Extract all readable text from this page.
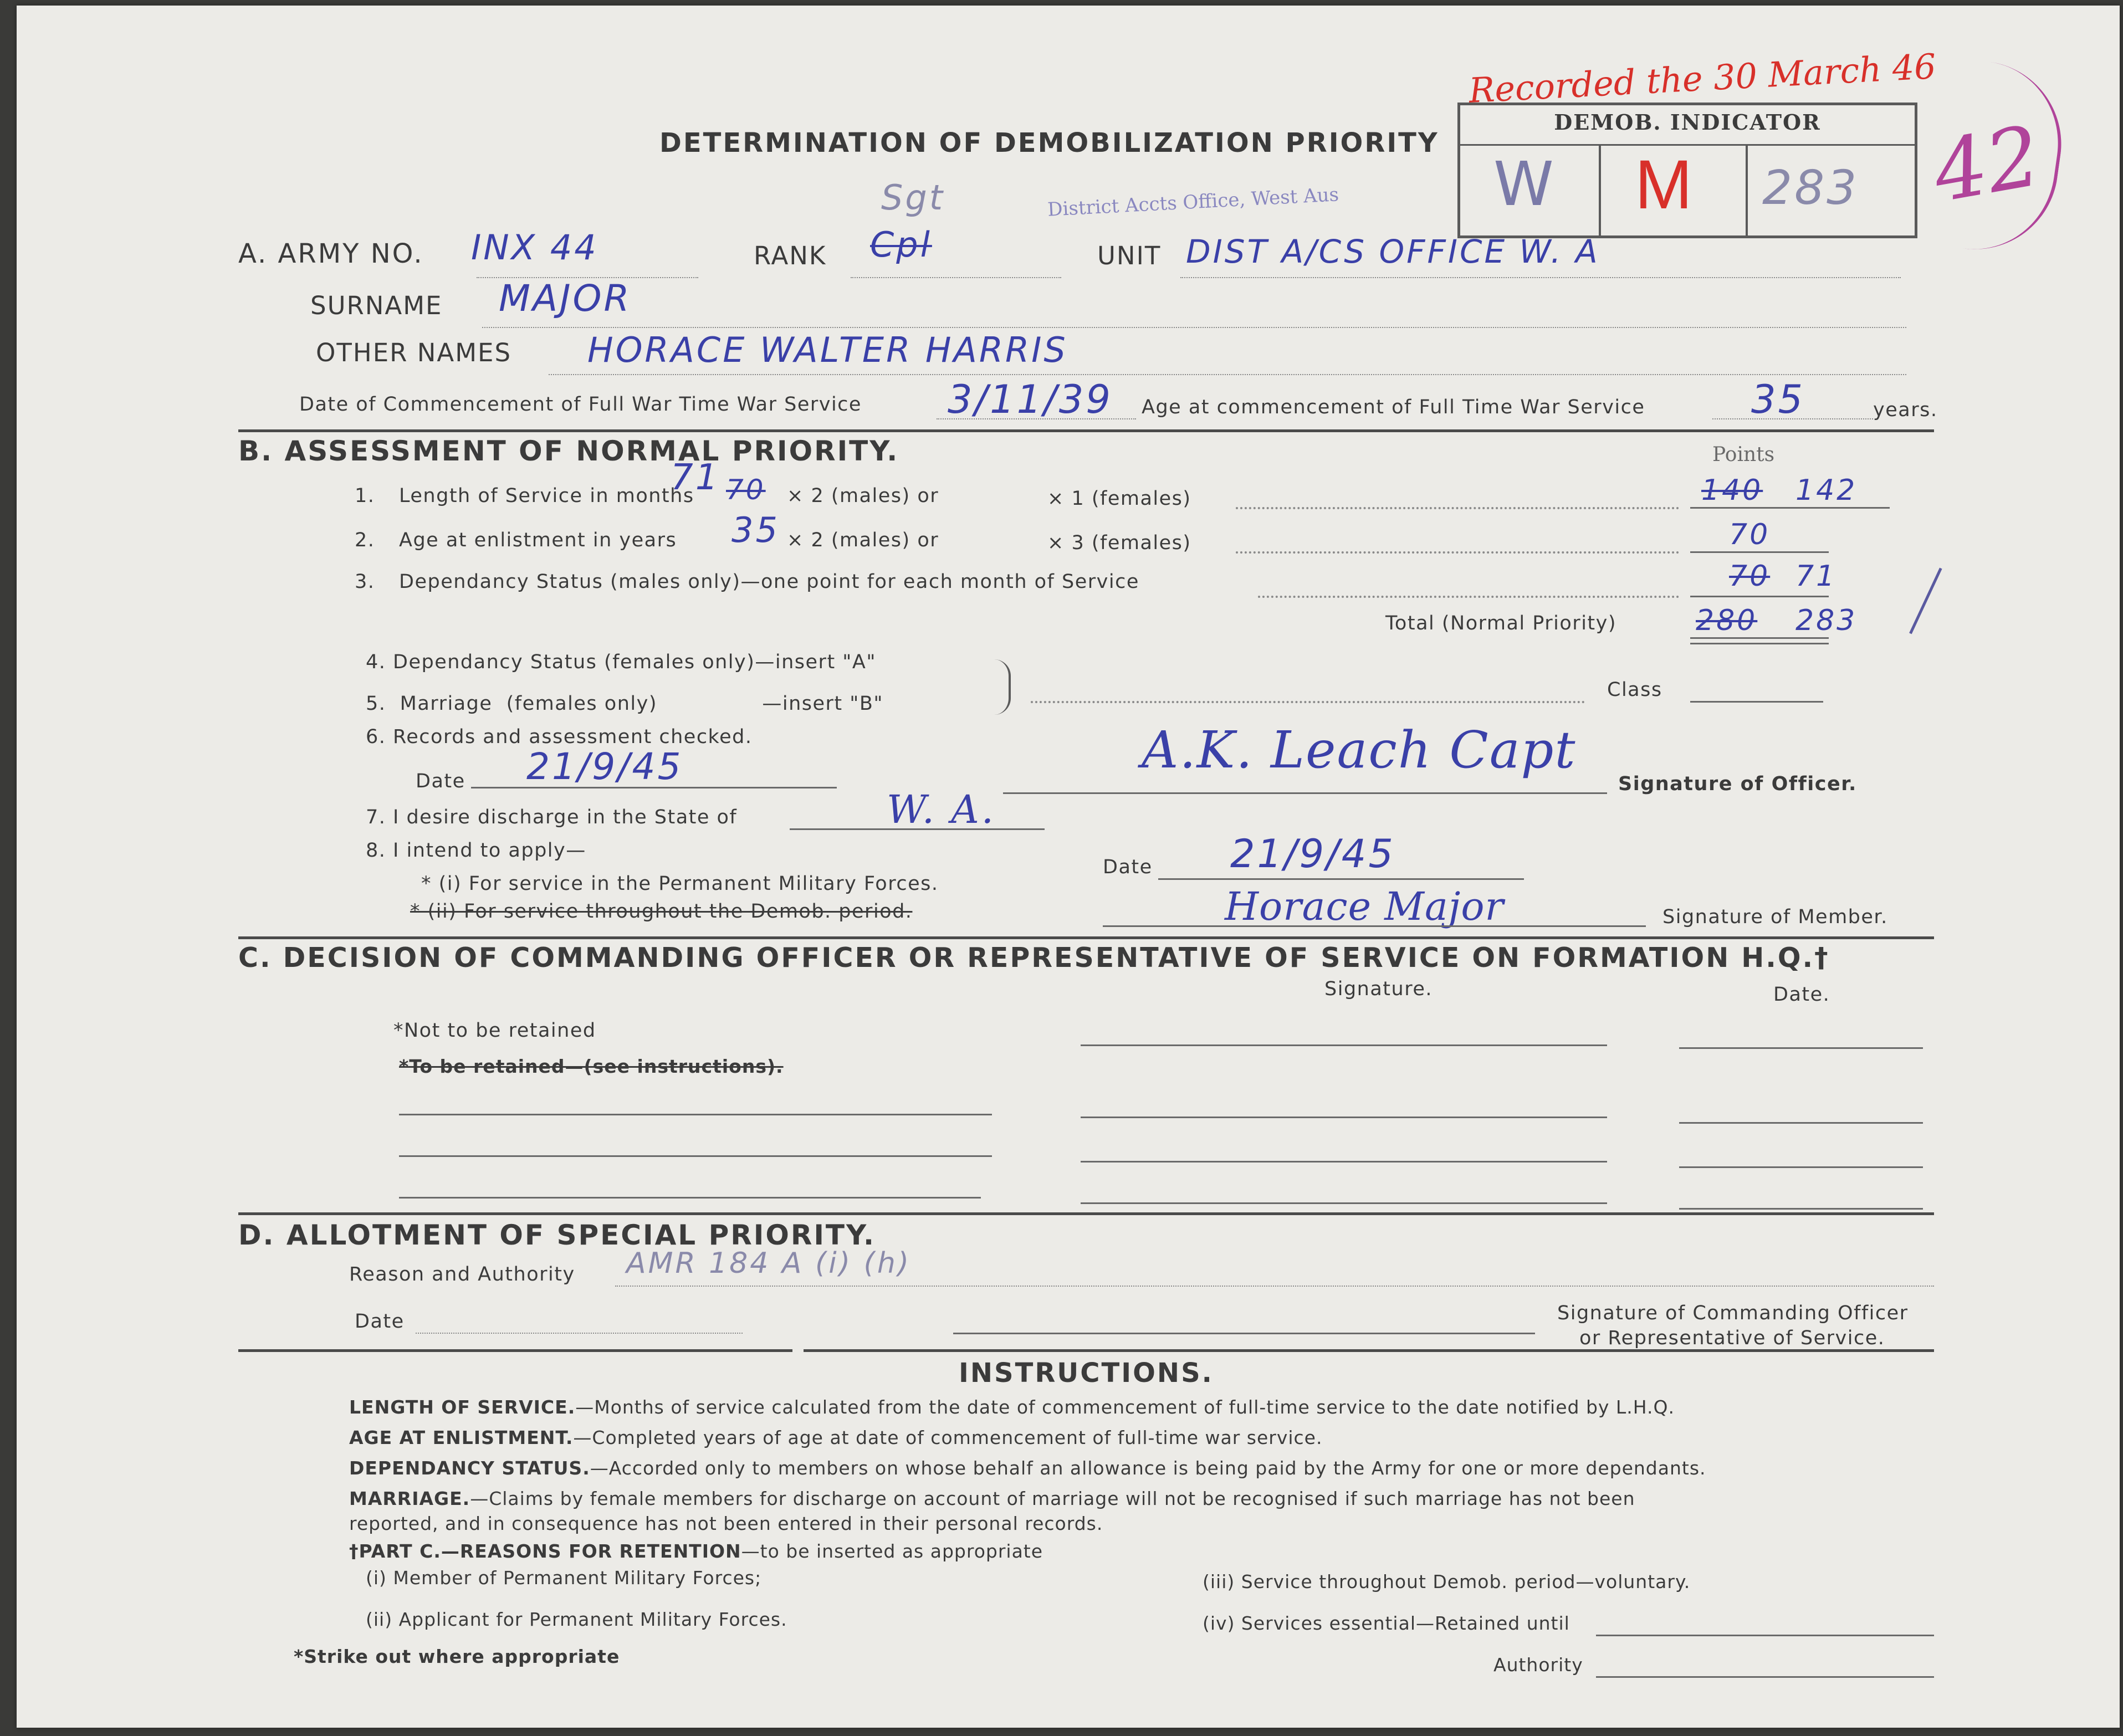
DETERMINATION OF DEMOBILIZATION PRIORITY
Recorded the 30 March 46
District Accts Office, West Aus	42
DEMOB. INDICATOR
W M 283
A. ARMY NO. INX 44	RANK Cpl
Sgt
UNIT DIST A/CS OFFICE W. A
SURNAME MAJOR
OTHER NAMES HORACE WALTER HARRIS
Date of Commencement of Full War Time War Service 3/11/39 Age at commencement of Full Time War Service	35	years.
B. ASSESSMENT OF NORMAL PRIORITY.	Points
1. Length of Service in months
71 70 × 2 (males) or	× 1 (females)	140 142
2. Age at enlistment in years 35 × 2 (males) or	× 3 (females)	70
3. Dependancy Status (males only)—one point for each month of Service	70 71
Total (Normal Priority)	280 283
4. Dependancy Status (females only)—insert "A"
5.  Marriage  (females only)               —insert "B"
Class
6. Records and assessment checked.
Date 21/9/45	A.K. Leach Capt
Signature of Officer.
7. I desire discharge in the State of	W. A.
8. I intend to apply—
* (i) For service in the Permanent Military Forces.
* (ii) For service throughout the Demob. period.
Date 21/9/45
Horace Major	Signature of Member.
C. DECISION OF COMMANDING OFFICER OR REPRESENTATIVE OF SERVICE ON FORMATION H.Q.†
Signature.	Date.
*Not to be retained
*To be retained—(see instructions).
D. ALLOTMENT OF SPECIAL PRIORITY.
Reason and Authority AMR 184 A (i) (h)
Date	Signature of Commanding Officer
or Representative of Service.
INSTRUCTIONS.
LENGTH OF SERVICE.—Months of service calculated from the date of commencement of full-time service to the date notified by L.H.Q.
AGE AT ENLISTMENT.—Completed years of age at date of commencement of full-time war service.
DEPENDANCY STATUS.—Accorded only to members on whose behalf an allowance is being paid by the Army for one or more dependants.
MARRIAGE.—Claims by female members for discharge on account of marriage will not be recognised if such marriage has not been
reported, and in consequence has not been entered in their personal records.
†PART C.—REASONS FOR RETENTION—to be inserted as appropriate
(i) Member of Permanent Military Forces;
(ii) Applicant for Permanent Military Forces.
(iii) Service throughout Demob. period—voluntary.
(iv) Services essential—Retained until
Authority
*Strike out where appropriate
